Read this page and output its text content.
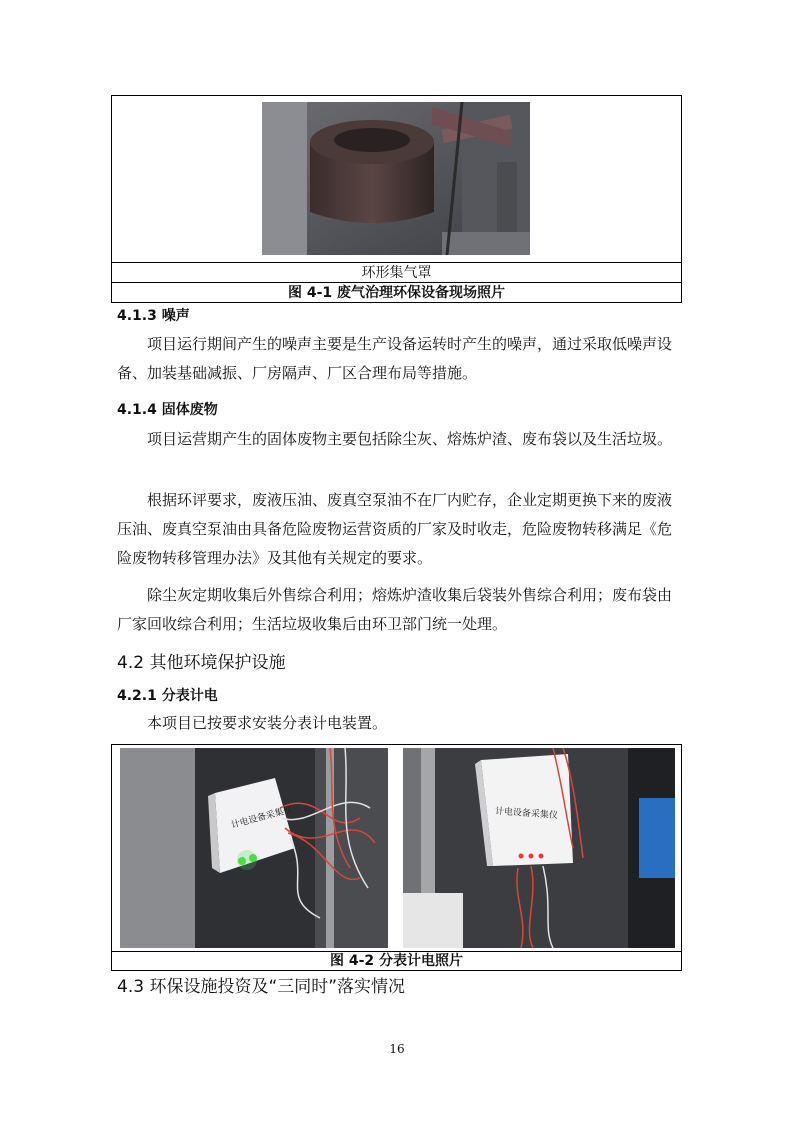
环形集气罩
图 4-1 废气治理环保设备现场照片
4.1.3 噪声
项目运行期间产生的噪声主要是生产设备运转时产生的噪声，通过采取低噪声设备、加装基础减振、厂房隔声、厂区合理布局等措施。
4.1.4 固体废物
项目运营期产生的固体废物主要包括除尘灰、熔炼炉渣、废布袋以及生活垃圾。
根据环评要求，废液压油、废真空泵油不在厂内贮存，企业定期更换下来的废液压油、废真空泵油由具备危险废物运营资质的厂家及时收走，危险废物转移满足《危险废物转移管理办法》及其他有关规定的要求。
除尘灰定期收集后外售综合利用；熔炼炉渣收集后袋装外售综合利用；废布袋由厂家回收综合利用；生活垃圾收集后由环卫部门统一处理。
4.2 其他环境保护设施
4.2.1 分表计电
本项目已按要求安装分表计电装置。
计电设备采集仪	计电设备采集仪
图 4-2 分表计电照片
4.3 环保设施投资及“三同时”落实情况
16
